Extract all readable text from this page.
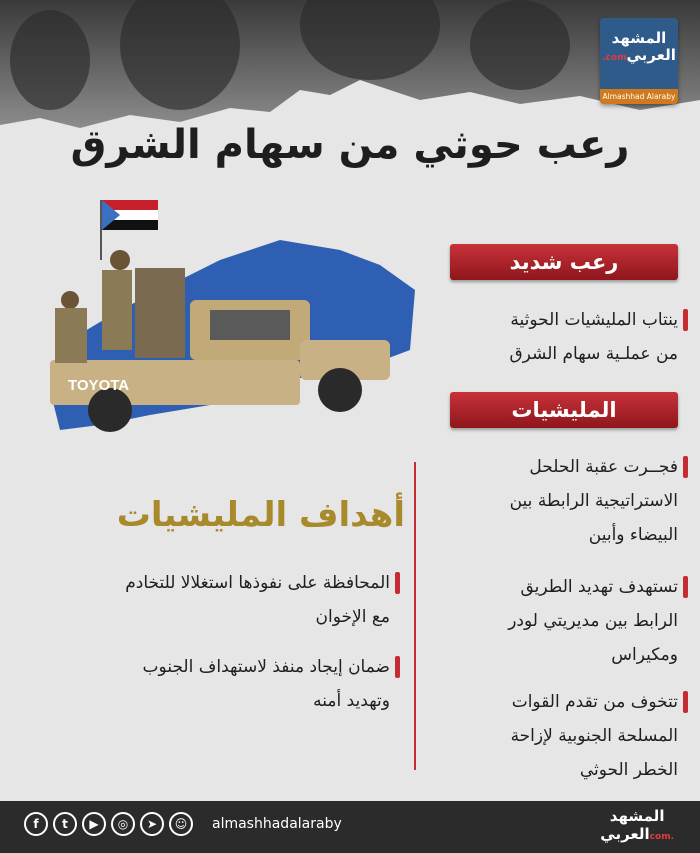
المشهد
.comالعربي
Almashhad Alaraby
رعب حوثي من سهام الشرق
TOYOTA
رعب شديد
ينتاب المليشيات الحوثية
من عملـية سهام الشرق
المليشيات
فجــرت عقبة الحلحل
الاستراتيجية الرابطة بين
البيضاء وأبين
تستهدف تهديد الطريق
الرابط بين مديريتي لودر
ومكيراس
تتخوف من تقدم القوات
المسلحة الجنوبية لإزاحة
الخطر الحوثي
أهداف المليشيات
المحافظة على نفوذها استغلالا للتخادم
مع الإخوان
ضمان إيجاد منفذ لاستهداف الجنوب
وتهديد أمنه
f	t	▶	◎	➤	☺	almashhadalaraby	المشهد
.comالعربي
